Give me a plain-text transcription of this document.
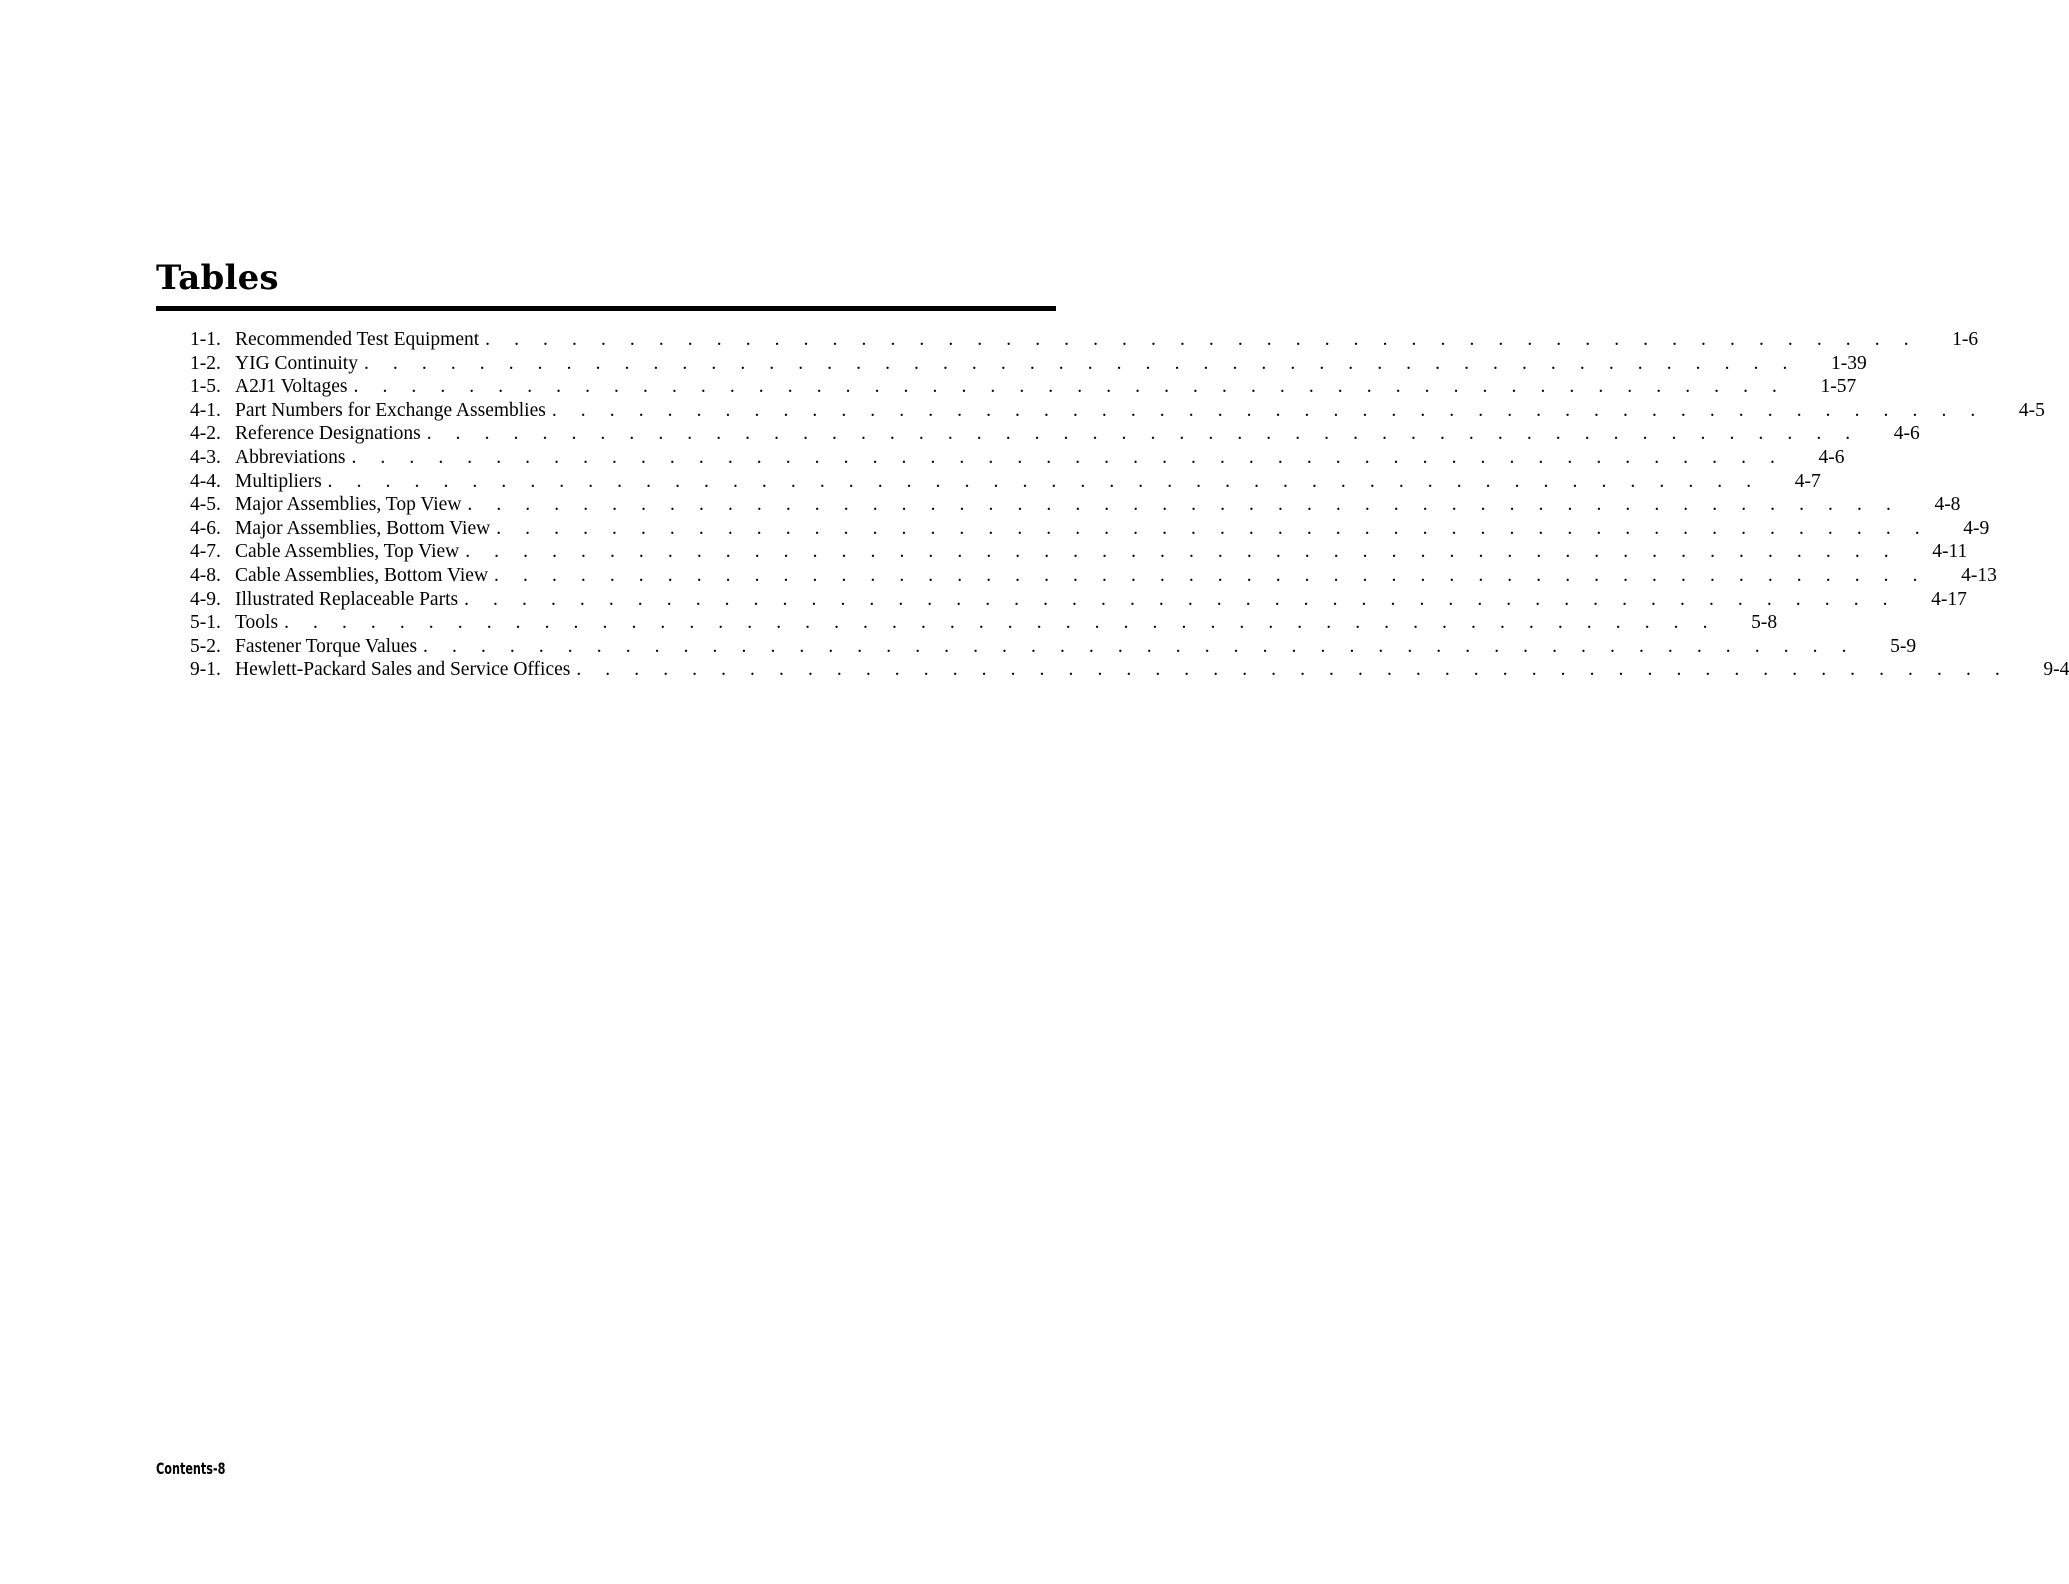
Tables
1-1. Recommended Test Equipment . . . . . . . . . . . . . . . . . . . . . . . . . . . . . . . . . . . . . . . . . . . . . . . . . . 1-6
1-2. YIG Continuity . . . . . . . . . . . . . . . . . . . . . . . . . . . . . . . . . . . . . . . . . . . . . . . . . . 1-39
1-5. A2J1 Voltages . . . . . . . . . . . . . . . . . . . . . . . . . . . . . . . . . . . . . . . . . . . . . . . . . . 1-57
4-1. Part Numbers for Exchange Assemblies . . . . . . . . . . . . . . . . . . . . . . . . . . . . . . . . . . . . . . . . . . . . . . . . . . 4-5
4-2. Reference Designations . . . . . . . . . . . . . . . . . . . . . . . . . . . . . . . . . . . . . . . . . . . . . . . . . . 4-6
4-3. Abbreviations . . . . . . . . . . . . . . . . . . . . . . . . . . . . . . . . . . . . . . . . . . . . . . . . . . 4-6
4-4. Multipliers . . . . . . . . . . . . . . . . . . . . . . . . . . . . . . . . . . . . . . . . . . . . . . . . . . 4-7
4-5. Major Assemblies, Top View . . . . . . . . . . . . . . . . . . . . . . . . . . . . . . . . . . . . . . . . . . . . . . . . . . 4-8
4-6. Major Assemblies, Bottom View . . . . . . . . . . . . . . . . . . . . . . . . . . . . . . . . . . . . . . . . . . . . . . . . . . 4-9
4-7. Cable Assemblies, Top View . . . . . . . . . . . . . . . . . . . . . . . . . . . . . . . . . . . . . . . . . . . . . . . . . . 4-11
4-8. Cable Assemblies, Bottom View . . . . . . . . . . . . . . . . . . . . . . . . . . . . . . . . . . . . . . . . . . . . . . . . . . 4-13
4-9. Illustrated Replaceable Parts . . . . . . . . . . . . . . . . . . . . . . . . . . . . . . . . . . . . . . . . . . . . . . . . . . 4-17
5-1. Tools . . . . . . . . . . . . . . . . . . . . . . . . . . . . . . . . . . . . . . . . . . . . . . . . . . 5-8
5-2. Fastener Torque Values . . . . . . . . . . . . . . . . . . . . . . . . . . . . . . . . . . . . . . . . . . . . . . . . . . 5-9
9-1. Hewlett-Packard Sales and Service Offices . . . . . . . . . . . . . . . . . . . . . . . . . . . . . . . . . . . . . . . . . . . . . . . . . . 9-4
Contents-8
